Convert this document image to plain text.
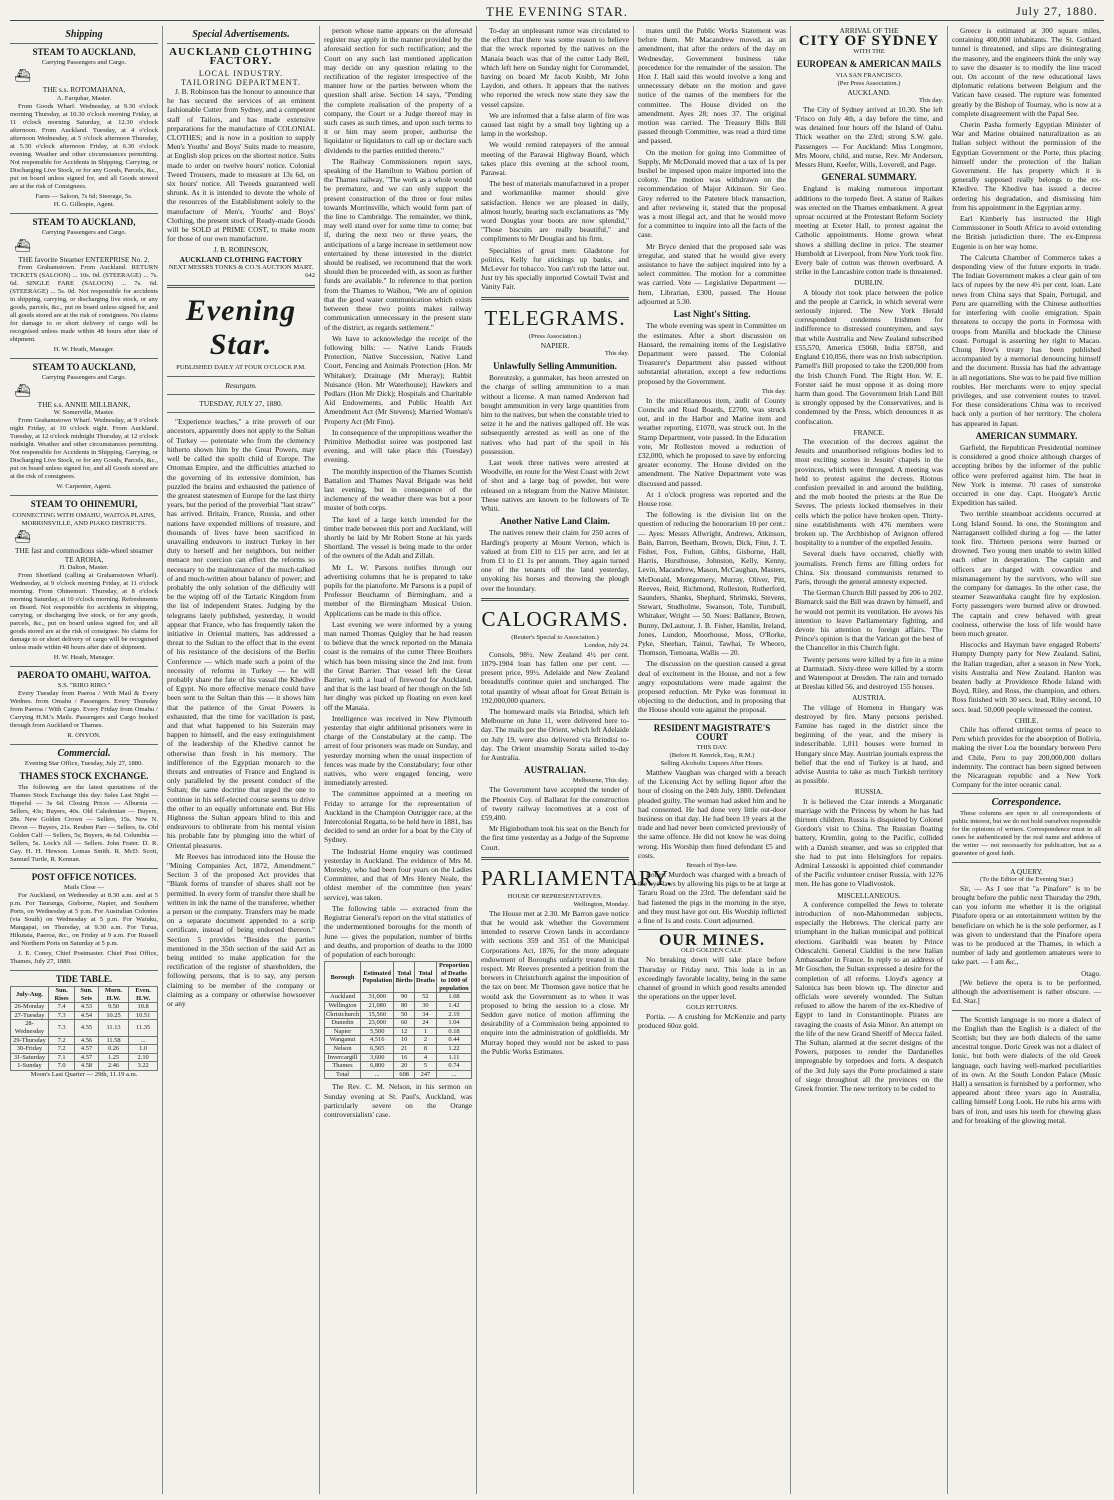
THE EVENING STAR.	July 27, 1880.
Shipping
STEAM TO AUCKLAND,
Carrying Passengers and Cargo.
⛴
THE s.s. ROTOMAHANA,
A. Farquhar, Master.

From Goods Wharf. Wednesday, at 9.30 o'clock morning Thursday, at 10.30 o'clock morning Friday, at 11 o'clock morning Saturday, at 12.30 o'clock afternoon. From Auckland. Tuesday, at 4 o'clock afternoon Wednesday, at 5 o'clock afternoon Thursday, at 5.30 o'clock afternoon Friday, at 6.30 o'clock evening. Weather and other circumstances permitting. Not responsible for Accidents in Shipping, Carrying, or Discharging Live Stock, or for any Goods, Parcels, &c., put on board unless signed for, and all Goods stowed are at the risk of Consignees.

Fares — Saloon, 7s 6d; Steerage, 5s.
H. G. Gillespie, Agent.
STEAM TO AUCKLAND,
Carrying Passengers and Cargo.
⛴
THE favorite Steamer ENTERPRISE No. 2.

From Grahamstown. From Auckland. RETURN TICKETS (SALOON) ... 10s. 0d. (STEERAGE) ... 7s. 6d. SINGLE FARE (SALOON) ... 7s. 6d. (STEERAGE) ... 5s. 0d. Not responsible for accidents in shipping, carrying, or discharging live stock, or any goods, parcels, &c., put on board unless signed for, and all goods stored are at the risk of consignees. No claims for damage to or short delivery of cargo will be recognised unless made within 48 hours after date of shipment.

H. W. Heath, Manager.
STEAM TO AUCKLAND,
Carrying Passengers and Cargo.
⛴
THE s.s. ANNIE MILLBANK,
W. Somerville, Master.

From Grahamstown Wharf. Wednesday, at 9 o'clock night Friday, at 10 o'clock night. From Auckland. Tuesday, at 12 o'clock midnight Thursday, at 12 o'clock midnight. Weather and other circumstances permitting. Not responsible for Accidents in Shipping, Carrying, or Discharging Live Stock, or for any Goods, Parcels, &c., put on board unless signed for, and all Goods stored are at the risk of consignees.

W. Carpenter, Agent.
STEAM TO OHINEMURI,
CONNECTING WITH OMAHU, WAITOA PLAINS, MORRINSVILLE, AND PIAKO DISTRICTS.
⛴
THE fast and commodious side-wheel steamer TE AROHA,
H. Dalton, Master.

From Shortland (calling at Grahamstown Wharf). Wednesday, at 9 o'clock morning Friday, at 11 o'clock morning. From Ohinemuri. Thursday, at 8 o'clock morning Saturday, at 10 o'clock morning. Refreshments on Board. Not responsible for accidents in shipping, carrying, or discharging live stock, or for any goods, parcels, &c., put on board unless signed for, and all goods stored are at the risk of consignee. No claims for damage to or short delivery of cargo will be recognised unless made within 48 hours after date of shipment.

H. W. Heath, Manager.
PAEROA TO OMAHU, WAITOA.
S.S. "RIRO RIRO."

Every Tuesday from Paeroa / With Mail & Every Wednes. from Omahu / Passengers. Every Thursday from Paeroa / With Cargo. Every Friday from Omahu / Carrying H.M.'s Mails. Passengers and Cargo booked through from Auckland or Thames.

R. ONYON.
Commercial.
Evening Star Office, Tuesday, July 27, 1880.
THAMES STOCK EXCHANGE.

The following are the latest quotations of the Thames Stock Exchange this day: Sales Last Night — Hopeful — 3s 6d. Closing Prices — Alburnia — Sellers, 43s; Buyers, 40s. Old Caledonian — Buyers, 28s. New Golden Crown — Sellers, 15s. New N. Devon — Buyers, 21s. Reuben Parr — Sellers, 6s. Old Golden Calf — Sellers, 5s; Buyers, 4s 6d. Columbia — Sellers, 5s. Lock's All — Sellers. John Frater. D. R. Gay. H. H. Hewson. Lomas Smith. R. McD. Scott, Samuel Turtle, R. Kennan.

POST OFFICE NOTICES.
Mails Close —

For Auckland, on Wednesday at 8.30 a.m. and at 5 p.m. For Tauranga, Gisborne, Napier, and Southern Ports, on Wednesday at 5 p.m. For Australian Colonies (via South) on Wednesday at 5 p.m. For Waiuku, Mangapai, on Thursday, at 9.30 a.m. For Turua, Hikutaia, Paeroa, &c., on Friday at 9 a.m. For Russell and Northern Ports on Saturday at 5 p.m.

J. E. Coney, Chief Postmaster. Chief Post Office, Thames, July 27, 1880.

TIDE TABLE.
July-Aug.	Sun. Rises	Sun. Sets	Morn. H.W.	Even. H.W.
26-Monday	7.4	4.53	9.50	10.8
27-Tuesday	7.3	4.54	10.25	10.51
28-Wednesday	7.3	4.55	11.13	11.35
29-Thursday	7.2	4.56	11.58	...
30-Friday	7.2	4.57	0.26	1.0
31-Saturday	7.1	4.57	1.25	2.10
1-Sunday	7.0	4.58	2.46	3.22
Moon's Last Quarter — 29th, 11.19 a.m.
Special Advertisements.
AUCKLAND CLOTHING FACTORY.
LOCAL INDUSTRY.
TAILORING DEPARTMENT.

J. B. Robinson has the honour to announce that he has secured the services of an eminent fashionable Cutter from Sydney, and a competent staff of Tailors, and has made extensive preparations for the manufacture of COLONIAL CLOTHES; and is now in a position to supply Men's Youths' and Boys' Suits made to measure, at English slop prices on the shortest notice. Suits made to order on twelve hours' notice. Colonial Tweed Trousers, made to measure at 13s 6d, on six hours' notice. All Tweeds guaranteed well shrunk. As it is intended to devote the whole of the resources of the Establishment solely to the manufacture of Men's, Youths' and Boys' Clothing, the present stock of Ready-made Goods will be SOLD at PRIME COST, to make room for those of our own manufacture.

J. B. ROBINSON,
AUCKLAND CLOTHING FACTORY
NEXT MESSRS TONKS & CO.'S AUCTION MART.
642
Evening Star.
PUBLISHED DAILY AT FOUR O'CLOCK P.M.
Resurgam.
TUESDAY, JULY 27, 1880.

"Experience teaches," a trite proverb of our ancestors, apparently does not apply to the Sultan of Turkey — potentate who from the clemency hitherto shown him by the Great Powers, may well be called the spoilt child of Europe. The Ottoman Empire, and the difficulties attached to the governing of its extensive dominion, has puzzled the brains and exhausted the patience of the greatest statesmen of Europe for the last thirty years, but the period of the proverbial "last straw" has arrived. Britain, France, Russia, and other nations have expended millions of treasure, and thousands of lives have been sacrificed in unavailing endeavors to instruct Turkey in her duty to herself and her neighbors, but neither menace nor coercion can effect the reforms so necessary to the maintenance of the much-talked of and much-written about balance of power; and probably the only solution of the difficulty will be the wiping off of the Tartaric Kingdom from the list of independent States. Judging by the telegrams lately published, yesterday, it would appear that France, who has frequently taken the initiative in Oriental matters, has addressed a threat to the Sultan to the effect that in the event of his resistance of the decisions of the Berlin Conference — which made such a point of the necessity of reforms in Turkey — he will probably share the fate of his vassal the Khedive of Egypt. No more effective menace could have been sent to the Sultan than this — it shows him that the patience of the Great Powers is exhausted, that the time for vacillation is past, and that what happened to his Suzerain may happen to himself, and the easy extinguishment of the leadership of the Khedive cannot be otherwise than fresh in his memory. The indifference of the Egyptian monarch to the threats and entreaties of France and England is only paralleled by the present conduct of the Sultan; the same doctrine that urged the one to continue in his self-elected course seems to drive the other to an equally unfortunate end. But His Highness the Sultan appears blind to this and endeavours to obliterate from his mental vision his probable fate by plunging into the whirl of Oriental pleasures.

Mr Reeves has introduced into the House the "Mining Companies Act, 1872, Amendment." Section 3 of the proposed Act provides that "Blank forms of transfer of shares shall not be permitted. In every form of transfer there shall be written in ink the name of the transferee, whether a person or the company. Transfers may be made on a separate document appended to a scrip certificate, instead of being endorsed thereon." Section 5 provides "Besides the parties mentioned in the 35th section of the said Act as being entitled to make application for the rectification of the register of shareholders, the following persons, that is to say, any person claiming to be member of the company or claiming as a company or otherwise howsoever or any

person whose name appears on the aforesaid register may apply in the manner provided by the aforesaid section for such rectification; and the Court on any such last mentioned application may decide on any question relating to the rectification of the register irrespective of the manner how or the parties between whom the question shall arise. Section 14 says, "Pending the complete realisation of the property of a company, the Court or a Judge thereof may in such cases as such times, and upon such terms to it or him may seem proper, authorise the liquidator or liquidators to call up or declare such dividends to the parties entitled thereto."

The Railway Commissioners report says, speaking of the Hamilton to Waihou portion of the Thames railway, "The work as a whole would be premature, and we can only support the present construction of the three or four miles towards Morrinsville, which would form part of the line to Cambridge. The remainder, we think, may well stand over for some time to come; but if, during the next two or three years, the anticipations of a large increase in settlement now entertained by those interested in the district should be realised, we recommend that the work should then be proceeded with, as soon as further funds are available." In reference to that portion from the Thames to Waihou, "We are of opinion that the good water communication which exists between these two points makes railway communication unnecessary in the present state of the district, as regards settlement."

We have to acknowledge the receipt of the following bills: — Native Lands Frauds Protection, Native Succession, Native Land Court, Fencing and Animals Protection (Hon. Mr Whitaker); Drainage (Mr Murray); Rabbit Nuisance (Hon. Mr Waterhouse); Hawkers and Pedlars (Hon Mr Dick); Hospitals and Charitable Aid Endowments, and Public Health Act Amendment Act (Mr Stevens); Married Woman's Property Act (Mr Finn).

In consequence of the unpropitious weather the Primitive Methodist soiree was postponed last evening, and will take place this (Tuesday) evening.

The monthly inspection of the Thames Scottish Battalion and Thames Naval Brigade was held last evening, but in consequence of the inclemency of the weather there was but a poor muster of both corps.

The keel of a large ketch intended for the timber trade between this port and Auckland, will shortly be laid by Mr Robert Stone at his yards Shortland. The vessel is being made to the order of the owners of the Adah and Zillah.

Mr L. W. Parsons notifies through our advertising columns that he is prepared to take pupils for the pianoforte. Mr Parsons is a pupil of Professor Beuchamn of Birmingham, and a member of the Birmingham Musical Union. Applications can be made to this office.

Last evening we were informed by a young man named Thomas Quigley that he had reason to believe that the wreck reported on the Manaia coast is the remains of the cutter Three Brothers which has been missing since the 2nd inst. from the Great Barrier. That vessel left the Great Barrier, with a load of firewood for Auckland, and that is the last heard of her though on the 5th her dinghy was picked up floating on even keel off the Manaia.

Intelligence was received in New Plymouth yesterday that eight additional prisoners were in charge of the Constabulary at the camp. The arrest of four prisoners was made on Sunday, and yesterday morning when the usual inspection of fences was made by the Constabulary; four other natives, who were engaged fencing, were immediately arrested.

The committee appointed at a meeting on Friday to arrange for the representation of Auckland in the Champion Outrigger race, at the Intercolonial Regatta, to be held here in 1881, has decided to send an order for a boat by the City of Sydney.

The Industrial Home enquiry was continued yesterday in Auckland. The evidence of Mrs M. Moresby, who had been four years on the Ladies Committee, and that of Mrs Henry Neale, the oldest member of the committee (ten years' service), was taken.

The following table — extracted from the Registrar General's report on the vital statistics of the undermentioned boroughs for the month of June — gives the population, number of births and deaths, and proportion of deaths to the 1000 of population of each borough:

Borough	Estimated Population	Total Births	Total Deaths	Proportion of Deaths to 1000 of population
Auckland	31,000	90	52	1.68
Wellington	21,080	80	30	1.42
Christchurch	15,560	50	34	2.19
Dunedin	23,000	60	24	1.04
Napier	5,500	12	1	0.18
Wanganui	4,516	10	2	0.44
Nelson	6,565	21	8	1.22
Invercargill	3,600	16	4	1.11
Thames	6,800	20	5	0.74
Total	...	608	247	...

The Rev. C. M. Nelson, in his sermon on Sunday evening at St. Paul's, Auckland, was particularly severe on the Orange controversialists' case.

To-day an unpleasant rumor was circulated to the effect that there was some reason to believe that the wreck reported by the natives on the Manaia beach was that of the cutter Lady Bell, which left here on Sunday night for Coromandel, having on board Mr Jacob Knibb, Mr John Laydon, and others. It appears that the natives who reported the wreck now state they saw the vessel capsize.

We are informed that a false alarm of fire was caused last night by a small boy lighting up a lamp in the workshop.

We would remind ratepayers of the annual meeting of the Parawai Highway Board, which takes place this evening at the school room, Parawai.

The best of materials manufactured in a proper and workmanlike manner should give satisfaction. Hence we are pleased in daily, almost hourly, hearing such exclamations as "My word Douglas your boots are now splendid," "Those biscuits are really beautiful," and compliments to Mr Douglas and his firm.

Specialties of great men: Gladstone for politics, Kelly for stickings up banks, and McLever for tobacco. You can't rob the latter out. Just try his specially imported Cowtail Twist and Vanity Fair.

TELEGRAMS.
(Press Association.)
NAPIER.
This day.
Unlawfully Selling Ammunition.

Boreutzsky, a gunmaker, has been arrested on the charge of selling ammunition to a man without a license. A man named Anderson had bought ammunition in very large quantities from him to the natives, but when the constable tried to seize it he and the natives galloped off. He was subsequently arrested as well as one of the natives who had part of the spoil in his possession.

Last week three natives were arrested at Woodville, en route for the West Coast with 2cwt of shot and a large bag of powder, but were released on a telegram from the Native Minister. These natives are known to be followers of Te Whiti.

Another Native Land Claim.

The natives renew their claim for 250 acres of Harding's property at Mount Vernon, which is valued at from £10 to £15 per acre, and let at from £1 to £1 1s per annum. They again turned one of the tenants off the land yesterday, unyoking his horses and throwing the plough over the boundary.

CALOGRAMS.
(Reuter's Special to Association.)
London, July 24.

Consols, 98½. New Zealand 4½ per cent. 1879-1904 loan has fallen one per cent. — present price, 99½. Adelaide and New Zealand breadstuffs continue quiet and unchanged. The total quantity of wheat afloat for Great Britain is 192,000,000 quarters.

The homeward mails via Brindisi, which left Melbourne on June 11, were delivered here to-day. The mails per the Orient, which left Adelaide on July 19, were also delivered via Brindisi to-day. The Orient steamship Sorata sailed to-day for Australia.

AUSTRALIAN.
Melbourne, This day.

The Government have accepted the tender of the Phoenix Coy. of Ballarat for the construction of twenty railway locomotives at a cost of £59,400.

Mr Higinbotham took his seat on the Bench for the first time yesterday as a Judge of the Supreme Court.

PARLIAMENTARY.
HOUSE OF REPRESENTATIVES.
Wellington, Monday.

The House met at 2.30. Mr Barron gave notice that he would ask whether the Government intended to reserve Crown lands in accordance with sections 359 and 351 of the Municipal Corporations Act, 1876, for the more adequate endowment of Boroughs unfairly treated in that respect. Mr Reeves presented a petition from the brewers in Christchurch against the imposition of the tax on beer. Mr Thomson gave notice that he would ask the Government as to when it was proposed to bring the session to a close. Mr Seddon gave notice of motion affirming the desirability of a Commission being appointed to enquire into the administration of goldfields. Mr Murray hoped they would not be asked to pass the Public Works Estimates.

mates until the Public Works Statement was before them. Mr Macandrew moved, as an amendment, that after the orders of the day on Wednesday, Government business take precedence for the remainder of the session. The Hon J. Hall said this would involve a long and unnecessary debate on the motion and gave notice of the names of the members for the committee. The House divided on the amendment. Ayes 28; noes 37. The original motion was carried. The Treasury Bills Bill passed through Committee, was read a third time and passed.

On the motion for going into Committee of Supply, Mr McDonald moved that a tax of 1s per bushel be imposed upon maize imported into the colony. The motion was withdrawn on the recommendation of Major Atkinson. Sir Geo. Grey referred to the Patetere block transaction, and after reviewing it, stated that the proposal was a most illegal act, and that he would move for a committee to inquire into all the facts of the case.

Mr Bryce denied that the proposed sale was irregular, and stated that he would give every assistance to have the subject inquired into by a select committee. The motion for a committee was carried. Vote — Legislative Department — Item, Librarian, £300, passed. The House adjourned at 5.30.

Last Night's Sitting.

The whole evening was spent in Committee on the estimates. After a short discussion on Hansard, the remaining items of the Legislative Department were passed. The Colonial Treasurer's Department also passed without substantial alteration, except a few reductions proposed by the Government.

This day.

In the miscellaneous item, audit of County Councils and Road Boards, £2700, was struck out, and in the Harbor and Marine item and weather reporting, £1070, was struck out. In the Stamp Department, vote passed. In the Education vote, Mr Rolleston moved a reduction of £32,000, which he proposed to save by enforcing greater economy. The House divided on the amendment. The Native Department vote was discussed and passed.

At 1 o'clock progress was reported and the House rose.

The following is the division list on the question of reducing the honorarium 10 per cent.: — Ayes: Messrs Allwright, Andrews, Atkinson, Bain, Barron, Beetham, Brown, Dick, Finn, J. T. Fisher, Fox, Fulton, Gibbs, Gisborne, Hall, Harris, Hursthouse, Johnston, Kelly, Kenny, Levin, Macandrew, Mason, McCaughan, Masters, McDonald, Montgomery, Murray, Oliver, Pitt, Reeves, Reid, Richmond, Rolleston, Rutherford, Saunders, Shanks, Shephard, Shrimski, Stevens, Stewart, Studholme, Swanson, Tole, Turnbull, Whitaker, Wright — 50. Noes: Ballance, Brown, Bunny, DeLautour, J. B. Fisher, Hamlin, Ireland, Jones, Lundon, Moorhouse, Moss, O'Rorke, Pyke, Sheehan, Tainui, Tawhai, Te Wheoro, Thomson, Tomoana, Wallis — 20.

The discussion on the question caused a great deal of excitement in the House, and not a few angry expostulations were made against the proposed reduction. Mr Pyke was foremost in objecting to the deduction, and in proposing that the House should vote against the proposal.

RESIDENT MAGISTRATE'S COURT
THIS DAY.
(Before H. Kenrick, Esq., R.M.)
Selling Alcoholic Liquors After Hours.

Matthew Vaughan was charged with a breach of the Licensing Act by selling liquor after the hour of closing on the 24th July, 1880. Defendant pleaded guilty. The woman had asked him and he had consented. He had done very little out-door business on that day. He had been 19 years at the trade and had never been convicted previously of the same offence. He did not know he was doing wrong. His Worship then fined defendant £5 and costs.

Breach of Bye-law.

Robert Murdoch was charged with a breach of the bye-laws by allowing his pigs to be at large at Tararu Road on the 23rd. The defendant said he had fastened the pigs in the morning in the stye, and they must have got out. His Worship inflicted a fine of 1s and costs. Court adjourned.

OUR MINES.
OLD GOLDEN CALF.

No breaking down will take place before Thursday or Friday next. This lode is in an exceedingly favorable locality, being in the same channel of ground in which good results attended the operations on the upper level.

GOLD RETURNS.

Portia. — A crushing for McKenzie and party produced 60oz gold.

ARRIVAL OF THE
CITY OF SYDNEY
WITH THE
EUROPEAN & AMERICAN MAILS
VIA SAN FRANCISCO.
(Per Press Association.)
AUCKLAND.
This day.

The City of Sydney arrived at 10.30. She left 'Frisco on July 4th, a day before the time, and was detained four hours off the Island of Oahu. Thick weather on the 23rd; strong S.W. gale. Passengers — For Auckland: Miss Longmore, Mrs Moore, child, and nurse, Rev. Mr Anderson, Messrs Hunt, Keefer, Wills, Loverell, and Page.

GENERAL SUMMARY.

England is making numerous important additions to the torpedo fleet. A statue of Raikes was erected on the Thames embankment. A great uproar occurred at the Protestant Reform Society meeting at Exeter Hall, to protest against the Catholic appointments. Home grown wheat shows a shilling decline in price. The steamer Humboldt at Liverpool, from New York took fire. Every bale of cotton was thrown overboard. A strike in the Lancashire cotton trade is threatened.

DUBLIN.

A bloody riot took place between the police and the people at Carrick, in which several were seriously injured. The New York Herald correspondent condemns Irishmen for indifference to distressed countrymen, and says that while Australia and New Zealand subscribed £55,570, America £5068, India £8750, and England £10,056, there was no Irish subscription. Parnell's Bill proposed to take the £200,000 from the Irish Church Fund. The Right Hon. W. E. Forster said he must oppose it as doing more harm than good. The Government Irish Land Bill is strongly opposed by the Conservatives, and is condemned by the Press, which denounces it as confiscation.

FRANCE.

The execution of the decrees against the Jesuits and unauthorised religious bodies led to most exciting scenes in Jesuits' chapels in the provinces, which were thronged. A meeting was held to protest against the decrees. Riotous confusion prevailed in and around the building, and the mob hooted the priests at the Rue De Sevres. The priests locked themselves in their cells which the police have broken open. Thirty-nine establishments with 476 members were broken up. The Archbishop of Avignon offered hospitality to a number of the expelled Jesuits.

Several duels have occurred, chiefly with journalists. French firms are filling orders for China. Six thousand communists returned to Paris, through the general amnesty expected.

The German Church Bill passed by 206 to 202. Bismarck said the Bill was drawn by himself, and he would not permit its ventilation. He avows his intention to leave Parliamentary fighting, and devote his attention to foreign affairs. The Prince's opinion is that the Vatican got the best of the Chancellor in this Church fight.

Twenty persons were killed by a fire in a mine at Darmstadt. Sixty-three were killed by a storm and Waterspout at Dresden. The rain and tornado at Breslau killed 56, and destroyed 155 houses.

AUSTRIA.

The village of Homenz in Hungary was destroyed by fire. Many persons perished. Famine has raged in the district since the beginning of the year, and the misery is indescribable. 1,011 houses were burned in Hungary since May. Austrian journals express the belief that the end of Turkey is at hand, and advise Austria to take as much Turkish territory as possible.

RUSSIA.

It is believed the Czar intends a Morganatic marriage with the Princess by whom he has had thirteen children. Russia is disquieted by Colonel Gordon's visit to China. The Russian floating battery, Kremlin, going to the Pacific, collided with a Danish steamer, and was so crippled that she had to put into Helsingfors for repairs. Admiral Lessoski is appointed chief commander of the Pacific volunteer cruiser Russia, with 1276 men. He has gone to Vladivostok.

MISCELLANEOUS.

A conference compelled the Jews to tolerate introduction of non-Mahommedan subjects, especially the Hebrews. The clerical party are triumphant in the Italian municipal and political elections. Garibaldi was beaten by Prince Odescalchi. General Cialdini is the new Italian Ambassador in France. In reply to an address of Mr Goschen, the Sultan expressed a desire for the completion of all reforms. Lloyd's agency at Salonica has been blown up. The director and officials were severely wounded. The Sultan refused to allow the harem of the ex-Khedive of Egypt to land in Constantinople. Pirates are ravaging the coasts of Asia Minor. An attempt on the life of the new Grand Sheriff of Mecca failed. The Sultan, alarmed at the secret designs of the Powers, purposes to render the Dardanelles impregnable by torpedoes and forts. A despatch of the 3rd July says the Porte proclaimed a state of siege throughout all the provinces on the Greek frontier. The new territory to be ceded to

Greece is estimated at 300 square miles, containing 400,000 inhabitants. The St. Gothard tunnel is threatened, and slips are disintegrating the masonry, and the engineers think the only way to save the disaster is to modify the line traced out. On account of the new educational laws diplomatic relations between Belgium and the Vatican have ceased. The rupture was fomented greatly by the Bishop of Tournay, who is now at a complete disagreement with the Papal See.

Cherin Pasha formerly Egyptian Minister of War and Marine obtained naturalization as an Italian subject without the permission of the Egyptian Government or the Porte, thus placing himself under the protection of the Italian Government. He has property which it is generally supposed really belongs to the ex-Khedive. The Khedive has issued a decree ordering his degradation, and dismissing him from his appointment in the Egyptian army.

Earl Kimberly has instructed the High Commissioner in South Africa to avoid extending the British jurisdiction there. The ex-Empress Eugenie is on her way home.

The Calcutta Chamber of Commerce takes a desponding view of the future exports in trade. The Indian Government makes a clear gain of ten lacs of rupees by the new 4½ per cent. loan. Late news from China says that Spain, Portugal, and Peru are quarrelling with the Chinese authorities for interfering with coolie emigration. Spain threatens to occupy the ports in Formosa with troops from Manilla and blockade the Chinese coast. Portugal is asserting her right to Macao. Chung How's treaty has been published accompanied by a memorial denouncing himself and the document. Russia has had the advantage in all negotiations. She was to be paid five million roubles. Her merchants were to enjoy special privileges, and use convenient routes to travel. For these considerations China was to received back only a portion of her territory. The cholera has appeared in Japan.

AMERICAN SUMMARY.

Garfield, the Republican Presidential nominee is considered a good choice although charges of accepting bribes by the informer of the public office were preferred against him. The heat in New York is intense. 70 cases of sunstroke occurred in one day. Capt. Hoogate's Arctic Expedition has sailed.

Two terrible steamboat accidents occurred at Long Island Sound. In one, the Stonington and Narragansett collided during a fog — the latter took fire. Thirteen persons were burned or drowned. Two young men unable to swim killed each other in desperation. The captain and officers are charged with cowardice and mismanagement by the survivors, who will sue the company for damages. In the other case, the steamer Seawanhaka caught fire by explosion. Forty passengers were burned alive or drowned. The captain and crew behaved with great coolness, otherwise the loss of life would have been much greater.

Hiscocks and Hayman have engaged Roberts' Humpty Dumpty party for New Zealand. Salini, the Italian tragedian, after a season in New York, visits Australia and New Zealand. Hanlon was beaten badly at Providence Rhode Island with Boyd, Riley, and Ross, the champion, and others. Ross finished with 30 secs. lead, Riley second, 10 secs. lead. 50,000 people witnessed the contest.

CHILE.

Chile has offered stringent terms of peace to Peru which provides for the absorption of Bolivia, making the river Loa the boundary between Peru and Chile, Peru to pay 200,000,000 dollars indemnity. The contract has been signed between the Nicaraguan republic and a New York Company for the inter oceanic canal.

Correspondence.

These columns are open to all correspondents of public interest, but we do not hold ourselves responsible for the opinions of writers. Correspondence must in all cases be authenticated by the real name and address of the writer — not necessarily for publication, but as a guarantee of good faith.

A QUERY.
(To the Editor of the Evening Star.)

Sir, — As I see that "a Pinafore" is to be brought before the public next Thursday the 29th, can you inform me whether it is the original Pinafore opera or an entertainment written by the beneficiare on which he is the sole performer, as I was given to understand that the Pinafore opera was to be produced at the Thames, in which a number of lady and gentlemen amateurs were to take part. — I am &c.,

Otago.

[We believe the opera is to be performed, although the advertisement is rather obscure. — Ed. Star.]

The Scottish language is no more a dialect of the English than the English is a dialect of the Scottish; but they are both dialects of the same ancestral tongue. Doric Greek was not a dialect of Ionic, but both were dialects of the old Greek language, each having well-marked peculiarities of its own. At the South London Palace (Music Hall) a sensation is furnished by a performer, who appeared about three years ago in Australia, calling himself Long Look. He rubs his arms with bars of iron, and uses his teeth for chewing glass and for breaking of the glowing metal.
